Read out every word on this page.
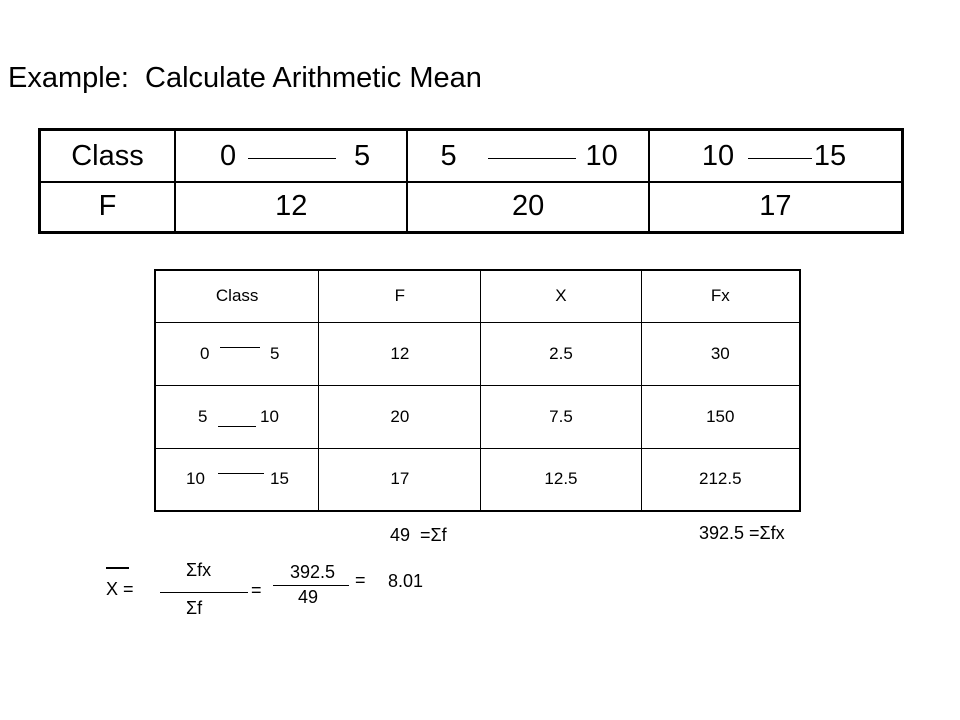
Example:  Calculate Arithmetic Mean
Class	0 5	5 10	10 15

F	12	20	17
Class	F	X	Fx

0 5	12	2.5	30

5 10	20	7.5	150

10 15	17	12.5	212.5
49  =Σf	392.5 =Σfx
X =
Σfx
Σf
=
392.5
49
= 8.01
